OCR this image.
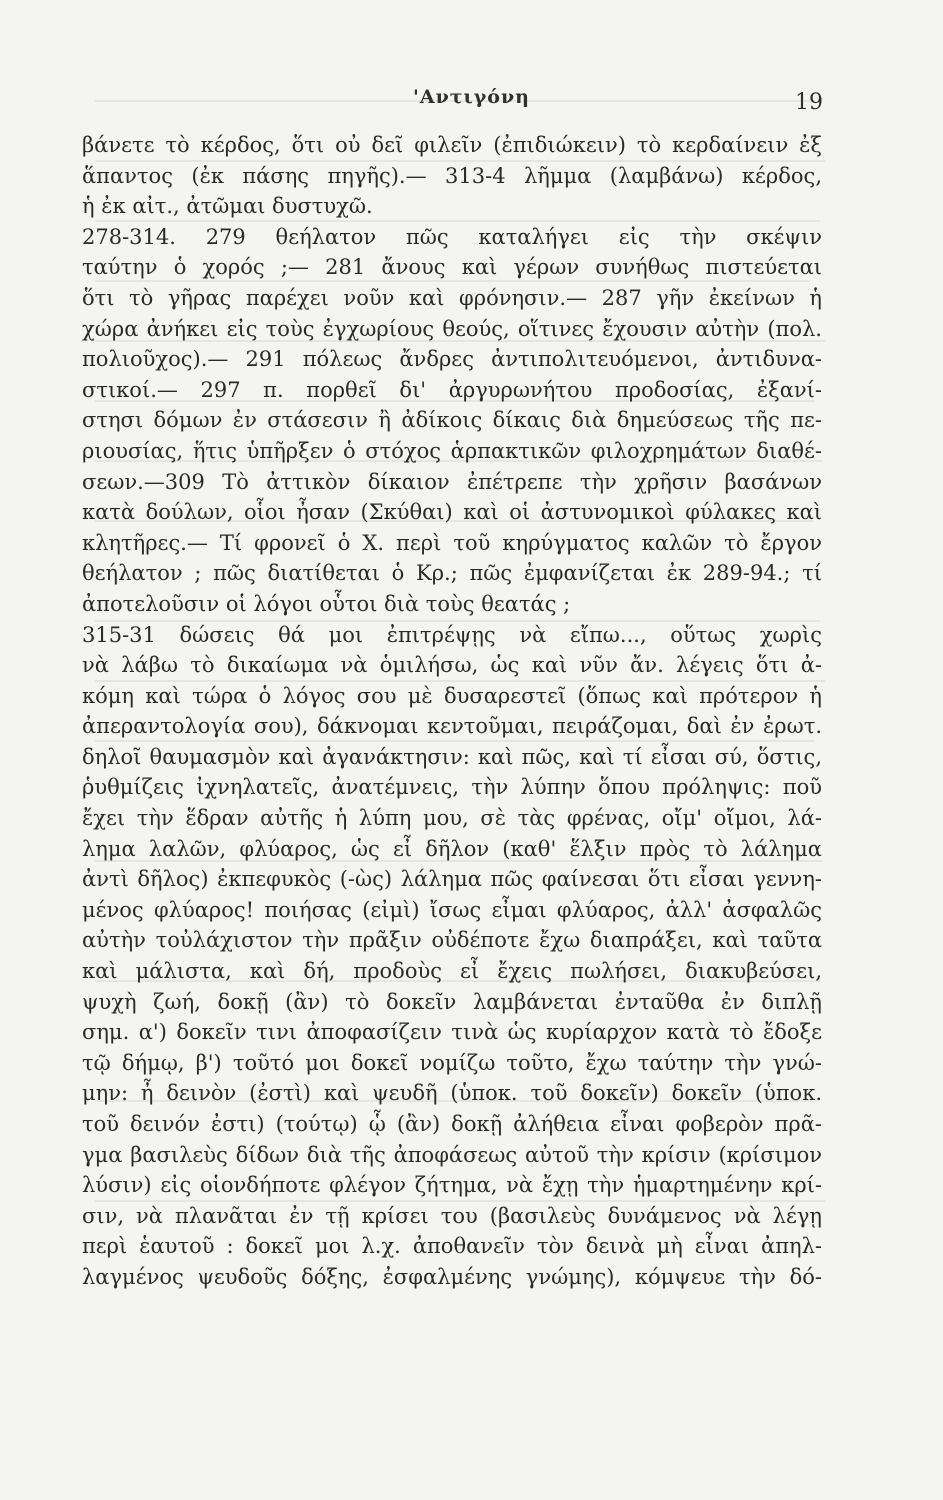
'Αντιγόνη	19
βάνετε τὸ κέρδος, ὅτι οὐ δεῖ φιλεῖν (ἐπιδιώκειν) τὸ κερδαίνειν ἐξ
ἅπαντος (ἐκ πάσης πηγῆς).— 313-4 λῆμμα (λαμβάνω) κέρδος,
ἡ ἐκ αἰτ., ἀτῶμαι δυστυχῶ.
278-314. 279 θεήλατον πῶς καταλήγει εἰς τὴν σκέψιν
ταύτην ὁ χορός ;— 281 ἄνους καὶ γέρων συνήθως πιστεύεται
ὅτι τὸ γῆρας παρέχει νοῦν καὶ φρόνησιν.— 287 γῆν ἐκείνων ἡ
χώρα ἀνήκει εἰς τοὺς ἐγχωρίους θεούς, οἵτινες ἔχουσιν αὐτὴν (πολ.
πολιοῦχος).— 291 πόλεως ἄνδρες ἀντιπολιτευόμενοι, ἀντιδυνα-
στικοί.— 297 π. πορθεῖ δι' ἀργυρωνήτου προδοσίας, ἐξανί-
στησι δόμων ἐν στάσεσιν ἢ ἀδίκοις δίκαις διὰ δημεύσεως τῆς πε-
ριουσίας, ἥτις ὑπῆρξεν ὁ στόχος ἁρπακτικῶν φιλοχρημάτων διαθέ-
σεων.—309 Τὸ ἀττικὸν δίκαιον ἐπέτρεπε τὴν χρῆσιν βασάνων
κατὰ δούλων, οἷοι ἦσαν (Σκύθαι) καὶ οἱ ἀστυνομικοὶ φύλακες καὶ
κλητῆρες.— Τί φρονεῖ ὁ Χ. περὶ τοῦ κηρύγματος καλῶν τὸ ἔργον
θεήλατον ; πῶς διατίθεται ὁ Κρ.; πῶς ἐμφανίζεται ἐκ 289-94.; τί
ἀποτελοῦσιν οἱ λόγοι οὗτοι διὰ τοὺς θεατάς ;
315-31 δώσεις θά μοι ἐπιτρέψῃς νὰ εἴπω..., οὕτως χωρὶς
νὰ λάβω τὸ δικαίωμα νὰ ὁμιλήσω, ὡς καὶ νῦν ἄν. λέγεις ὅτι ἀ-
κόμη καὶ τώρα ὁ λόγος σου μὲ δυσαρεστεῖ (ὅπως καὶ πρότερον ἡ
ἀπεραντολογία σου), δάκνομαι κεντοῦμαι, πειράζομαι, δαὶ ἐν ἐρωτ.
δηλοῖ θαυμασμὸν καὶ ἀγανάκτησιν: καὶ πῶς, καὶ τί εἶσαι σύ, ὅστις,
ῥυθμίζεις ἰχνηλατεῖς, ἀνατέμνεις, τὴν λύπην ὅπου πρόληψις: ποῦ
ἔχει τὴν ἕδραν αὐτῆς ἡ λύπη μου, σὲ τὰς φρένας, οἴμ' οἴμοι, λά-
λημα λαλῶν, φλύαρος, ὡς εἶ δῆλον (καθ' ἕλξιν πρὸς τὸ λάλημα
ἀντὶ δῆλος) ἐκπεφυκὸς (-ὼς) λάλημα πῶς φαίνεσαι ὅτι εἶσαι γεννη-
μένος φλύαρος! ποιήσας (εἰμὶ) ἴσως εἶμαι φλύαρος, ἀλλ' ἀσφαλῶς
αὐτὴν τοὐλάχιστον τὴν πρᾶξιν οὐδέποτε ἔχω διαπράξει, καὶ ταῦτα
καὶ μάλιστα, καὶ δή, προδοὺς εἶ ἔχεις πωλήσει, διακυβεύσει,
ψυχὴ ζωή, δοκῇ (ἂν) τὸ δοκεῖν λαμβάνεται ἐνταῦθα ἐν διπλῇ
σημ. α') δοκεῖν τινι ἀποφασίζειν τινὰ ὡς κυρίαρχον κατὰ τὸ ἔδοξε
τῷ δήμῳ, β') τοῦτό μοι δοκεῖ νομίζω τοῦτο, ἔχω ταύτην τὴν γνώ-
μην: ἦ δεινὸν (ἐστὶ) καὶ ψευδῆ (ὑποκ. τοῦ δοκεῖν) δοκεῖν (ὑποκ.
τοῦ δεινόν ἐστι) (τούτῳ) ᾧ (ἂν) δοκῇ ἀλήθεια εἶναι φοβερὸν πρᾶ-
γμα βασιλεὺς δίδων διὰ τῆς ἀποφάσεως αὐτοῦ τὴν κρίσιν (κρίσιμον
λύσιν) εἰς οἱονδήποτε φλέγον ζήτημα, νὰ ἔχῃ τὴν ἡμαρτημένην κρί-
σιν, νὰ πλανᾶται ἐν τῇ κρίσει του (βασιλεὺς δυνάμενος νὰ λέγῃ
περὶ ἑαυτοῦ : δοκεῖ μοι λ.χ. ἀποθανεῖν τὸν δεινὰ μὴ εἶναι ἀπηλ-
λαγμένος ψευδοῦς δόξης, ἐσφαλμένης γνώμης), κόμψευε τὴν δό-
